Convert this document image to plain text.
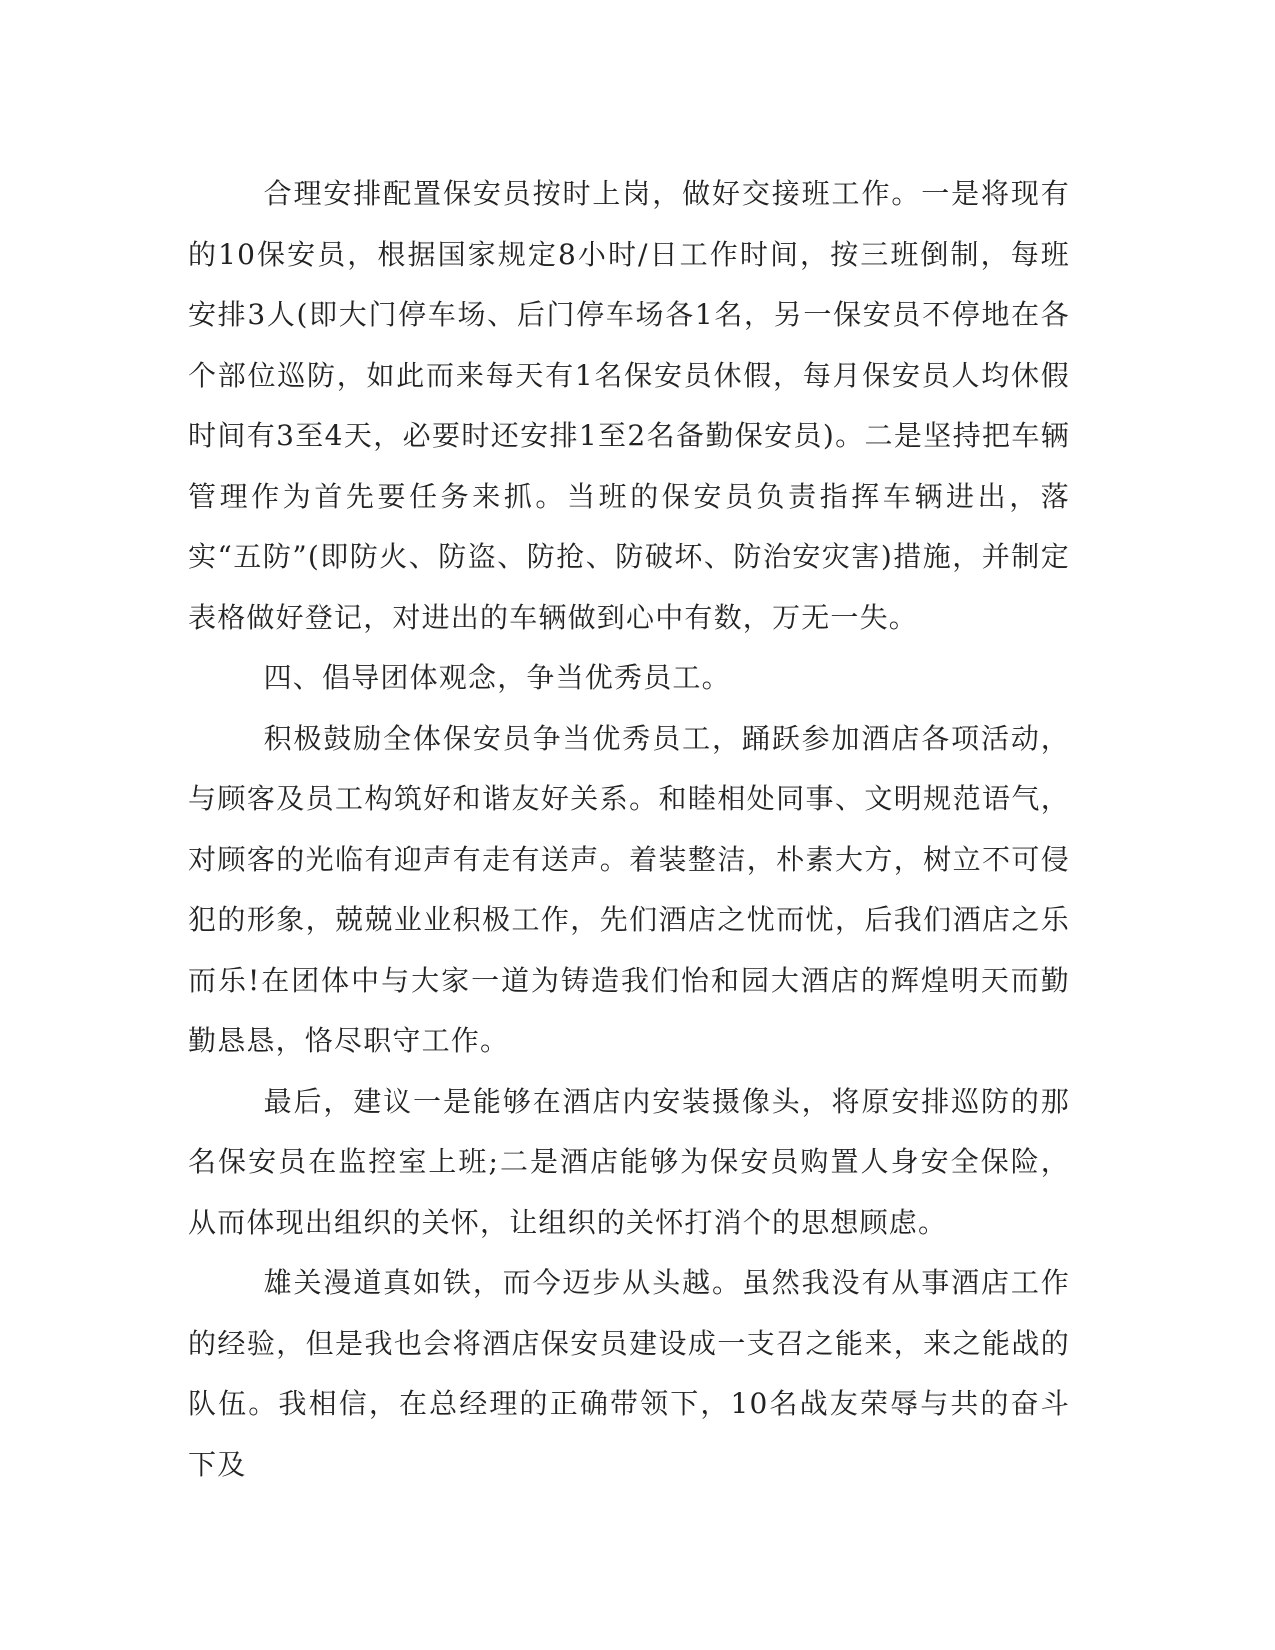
合理安排配置保安员按时上岗，做好交接班工作。一是将现有的10保安员，根据国家规定8小时/日工作时间，按三班倒制，每班安排3人(即大门停车场、后门停车场各1名，另一保安员不停地在各个部位巡防，如此而来每天有1名保安员休假，每月保安员人均休假时间有3至4天，必要时还安排1至2名备勤保安员)。二是坚持把车辆管理作为首先要任务来抓。当班的保安员负责指挥车辆进出，落实“五防”(即防火、防盗、防抢、防破坏、防治安灾害)措施，并制定表格做好登记，对进出的车辆做到心中有数，万无一失。

四、倡导团体观念，争当优秀员工。

积极鼓励全体保安员争当优秀员工，踊跃参加酒店各项活动，与顾客及员工构筑好和谐友好关系。和睦相处同事、文明规范语气，对顾客的光临有迎声有走有送声。着装整洁，朴素大方，树立不可侵犯的形象，兢兢业业积极工作，先们酒店之忧而忧，后我们酒店之乐而乐!在团体中与大家一道为铸造我们怡和园大酒店的辉煌明天而勤勤恳恳，恪尽职守工作。

最后，建议一是能够在酒店内安装摄像头，将原安排巡防的那名保安员在监控室上班;二是酒店能够为保安员购置人身安全保险，从而体现出组织的关怀，让组织的关怀打消个的思想顾虑。

雄关漫道真如铁，而今迈步从头越。虽然我没有从事酒店工作的经验，但是我也会将酒店保安员建设成一支召之能来，来之能战的队伍。我相信，在总经理的正确带领下，10名战友荣辱与共的奋斗下及
